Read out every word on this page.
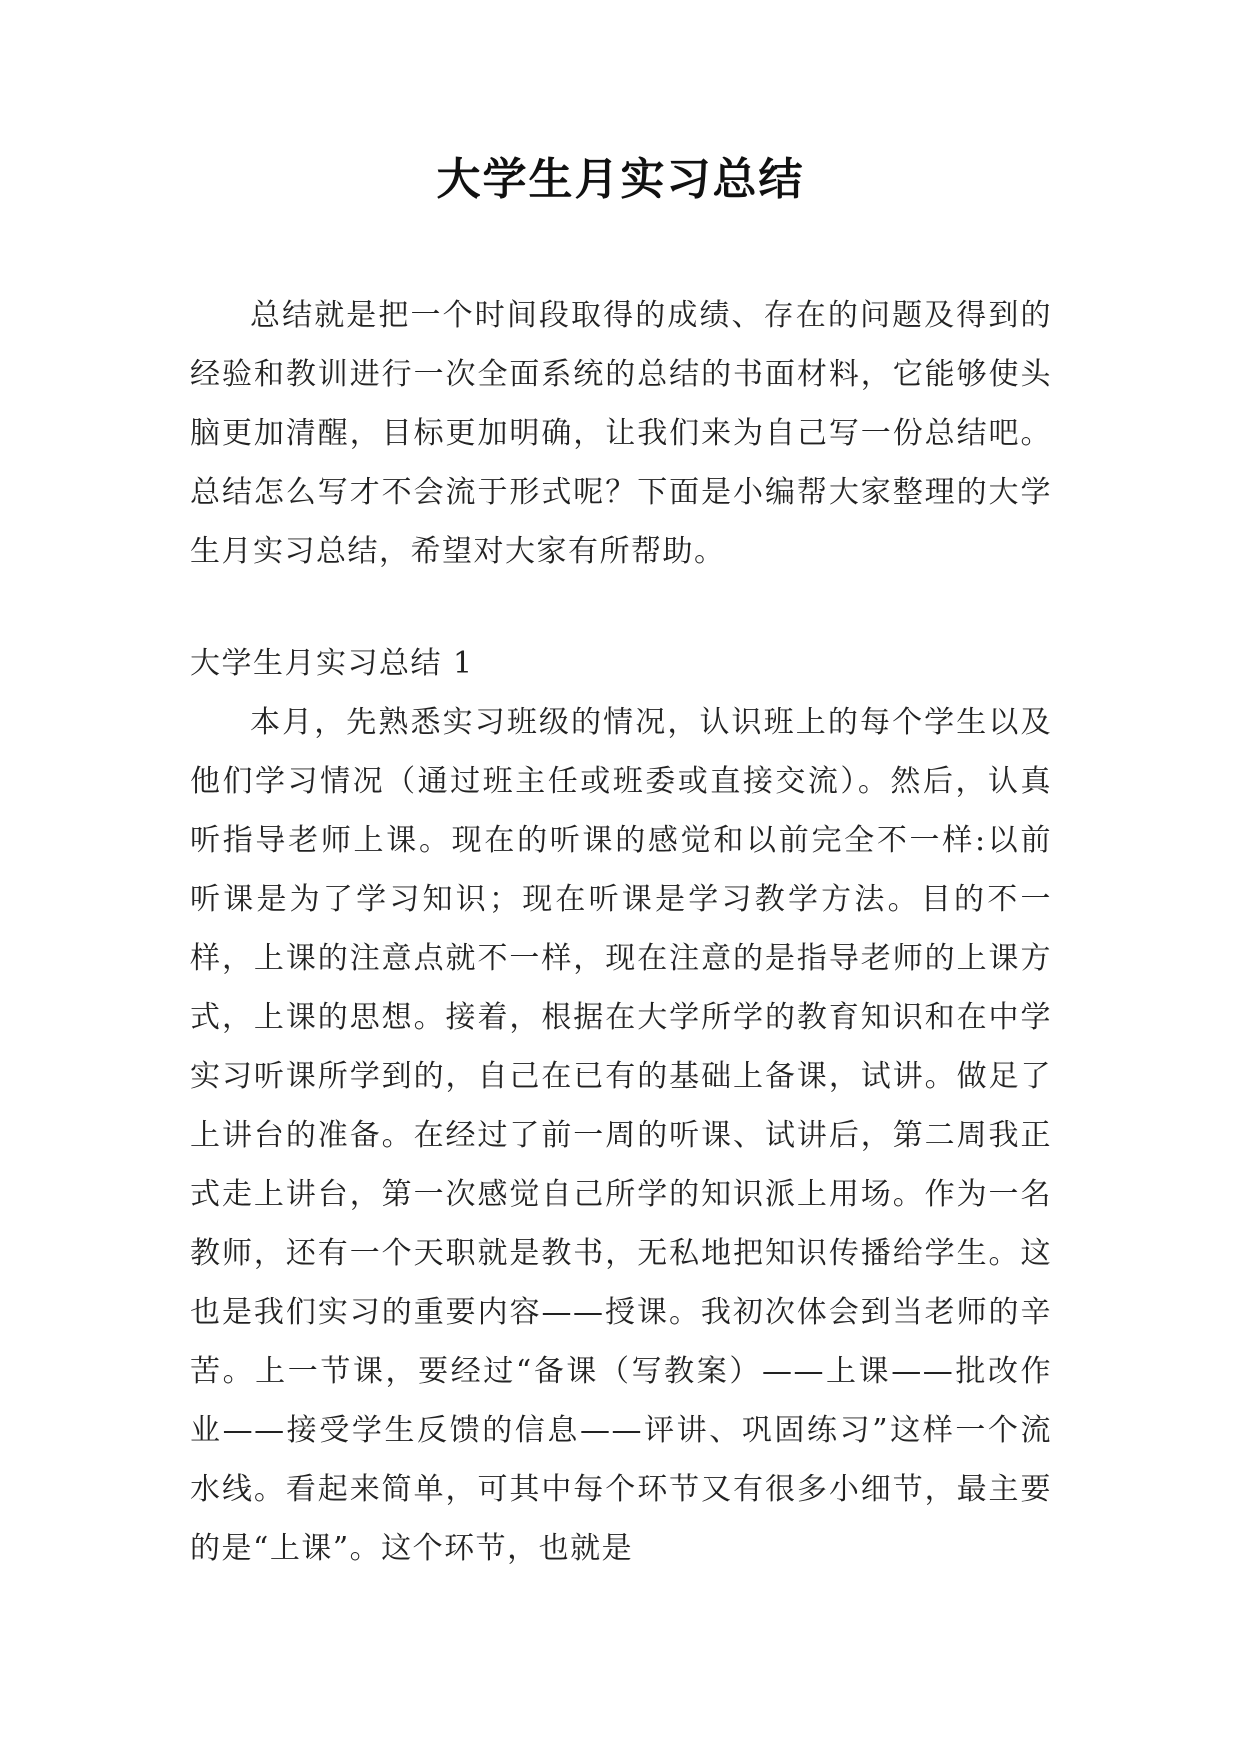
大学生月实习总结

总结就是把一个时间段取得的成绩、存在的问题及得到的经验和教训进行一次全面系统的总结的书面材料，它能够使头脑更加清醒，目标更加明确，让我们来为自己写一份总结吧。总结怎么写才不会流于形式呢？下面是小编帮大家整理的大学生月实习总结，希望对大家有所帮助。

大学生月实习总结 1

本月，先熟悉实习班级的情况，认识班上的每个学生以及他们学习情况（通过班主任或班委或直接交流）。然后，认真听指导老师上课。现在的听课的感觉和以前完全不一样:以前听课是为了学习知识；现在听课是学习教学方法。目的不一样，上课的注意点就不一样，现在注意的是指导老师的上课方式，上课的思想。接着，根据在大学所学的教育知识和在中学实习听课所学到的，自己在已有的基础上备课，试讲。做足了上讲台的准备。在经过了前一周的听课、试讲后，第二周我正式走上讲台，第一次感觉自己所学的知识派上用场。作为一名教师，还有一个天职就是教书，无私地把知识传播给学生。这也是我们实习的重要内容——授课。我初次体会到当老师的辛苦。上一节课，要经过“备课（写教案）——上课——批改作业——接受学生反馈的信息——评讲、巩固练习”这样一个流水线。看起来简单，可其中每个环节又有很多小细节，最主要的是“上课”。这个环节，也就是
